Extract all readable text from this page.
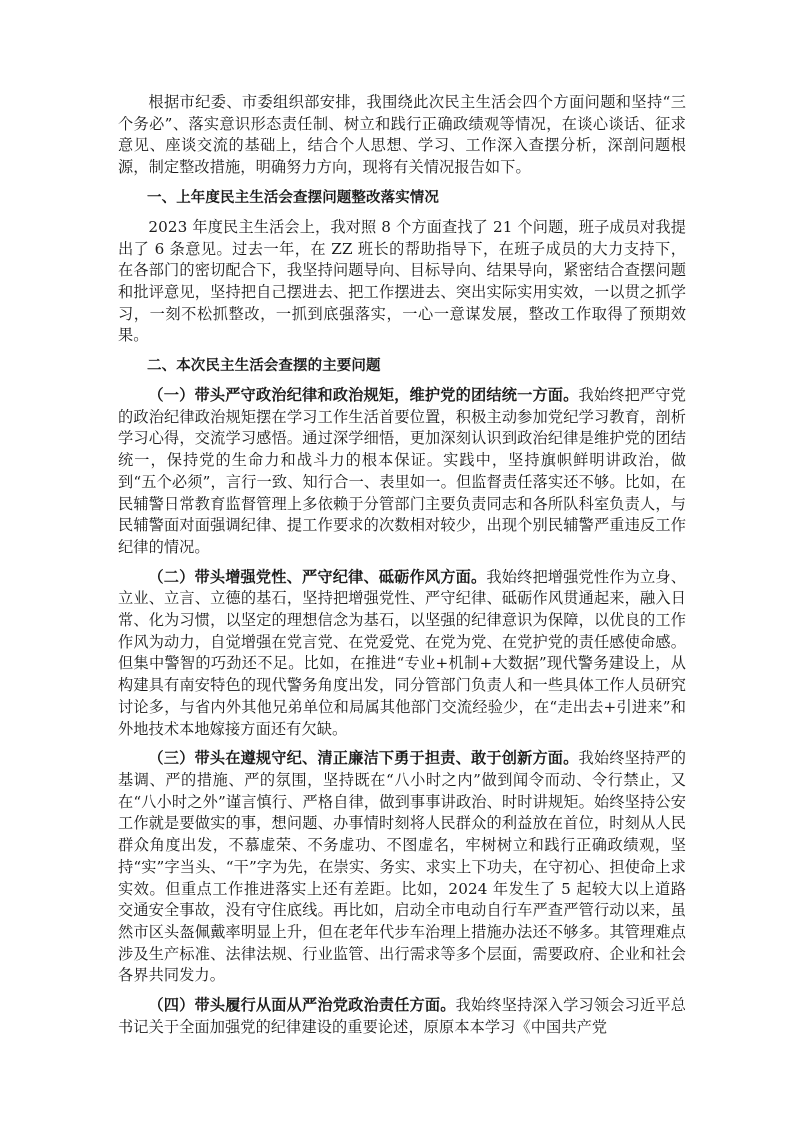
根据市纪委、市委组织部安排，我围绕此次民主生活会四个方面问题和坚持“三个务必”、落实意识形态责任制、树立和践行正确政绩观等情况，在谈心谈话、征求意见、座谈交流的基础上，结合个人思想、学习、工作深入查摆分析，深剖问题根源，制定整改措施，明确努力方向，现将有关情况报告如下。

一、上年度民主生活会查摆问题整改落实情况

2023 年度民主生活会上，我对照 8 个方面查找了 21 个问题，班子成员对我提出了 6 条意见。过去一年，在 ZZ 班长的帮助指导下，在班子成员的大力支持下，在各部门的密切配合下，我坚持问题导向、目标导向、结果导向，紧密结合查摆问题和批评意见，坚持把自己摆进去、把工作摆进去、突出实际实用实效，一以贯之抓学习，一刻不松抓整改，一抓到底强落实，一心一意谋发展，整改工作取得了预期效果。

二、本次民主生活会查摆的主要问题

（一）带头严守政治纪律和政治规矩，维护党的团结统一方面。我始终把严守党的政治纪律政治规矩摆在学习工作生活首要位置，积极主动参加党纪学习教育，剖析学习心得，交流学习感悟。通过深学细悟，更加深刻认识到政治纪律是维护党的团结统一，保持党的生命力和战斗力的根本保证。实践中，坚持旗帜鲜明讲政治，做到“五个必须”，言行一致、知行合一、表里如一。但监督责任落实还不够。比如，在民辅警日常教育监督管理上多依赖于分管部门主要负责同志和各所队科室负责人，与民辅警面对面强调纪律、提工作要求的次数相对较少，出现个别民辅警严重违反工作纪律的情况。

（二）带头增强党性、严守纪律、砥砺作风方面。我始终把增强党性作为立身、立业、立言、立德的基石，坚持把增强党性、严守纪律、砥砺作风贯通起来，融入日常、化为习惯，以坚定的理想信念为基石，以坚强的纪律意识为保障，以优良的工作作风为动力，自觉增强在党言党、在党爱党、在党为党、在党护党的责任感使命感。但集中警智的巧劲还不足。比如，在推进“专业+机制+大数据”现代警务建设上，从构建具有南安特色的现代警务角度出发，同分管部门负责人和一些具体工作人员研究讨论多，与省内外其他兄弟单位和局属其他部门交流经验少，在“走出去+引进来”和外地技术本地嫁接方面还有欠缺。

（三）带头在遵规守纪、清正廉洁下勇于担责、敢于创新方面。我始终坚持严的基调、严的措施、严的氛围，坚持既在“八小时之内”做到闻令而动、令行禁止，又在“八小时之外”谨言慎行、严格自律，做到事事讲政治、时时讲规矩。始终坚持公安工作就是要做实的事，想问题、办事情时刻将人民群众的利益放在首位，时刻从人民群众角度出发，不慕虚荣、不务虚功、不图虚名，牢树树立和践行正确政绩观，坚持“实”字当头、“干”字为先，在崇实、务实、求实上下功夫，在守初心、担使命上求实效。但重点工作推进落实上还有差距。比如，2024 年发生了 5 起较大以上道路交通安全事故，没有守住底线。再比如，启动全市电动自行车严查严管行动以来，虽然市区头盔佩戴率明显上升，但在老年代步车治理上措施办法还不够多。其管理难点涉及生产标准、法律法规、行业监管、出行需求等多个层面，需要政府、企业和社会各界共同发力。

（四）带头履行从面从严治党政治责任方面。我始终坚持深入学习领会习近平总书记关于全面加强党的纪律建设的重要论述，原原本本学习《中国共产党
